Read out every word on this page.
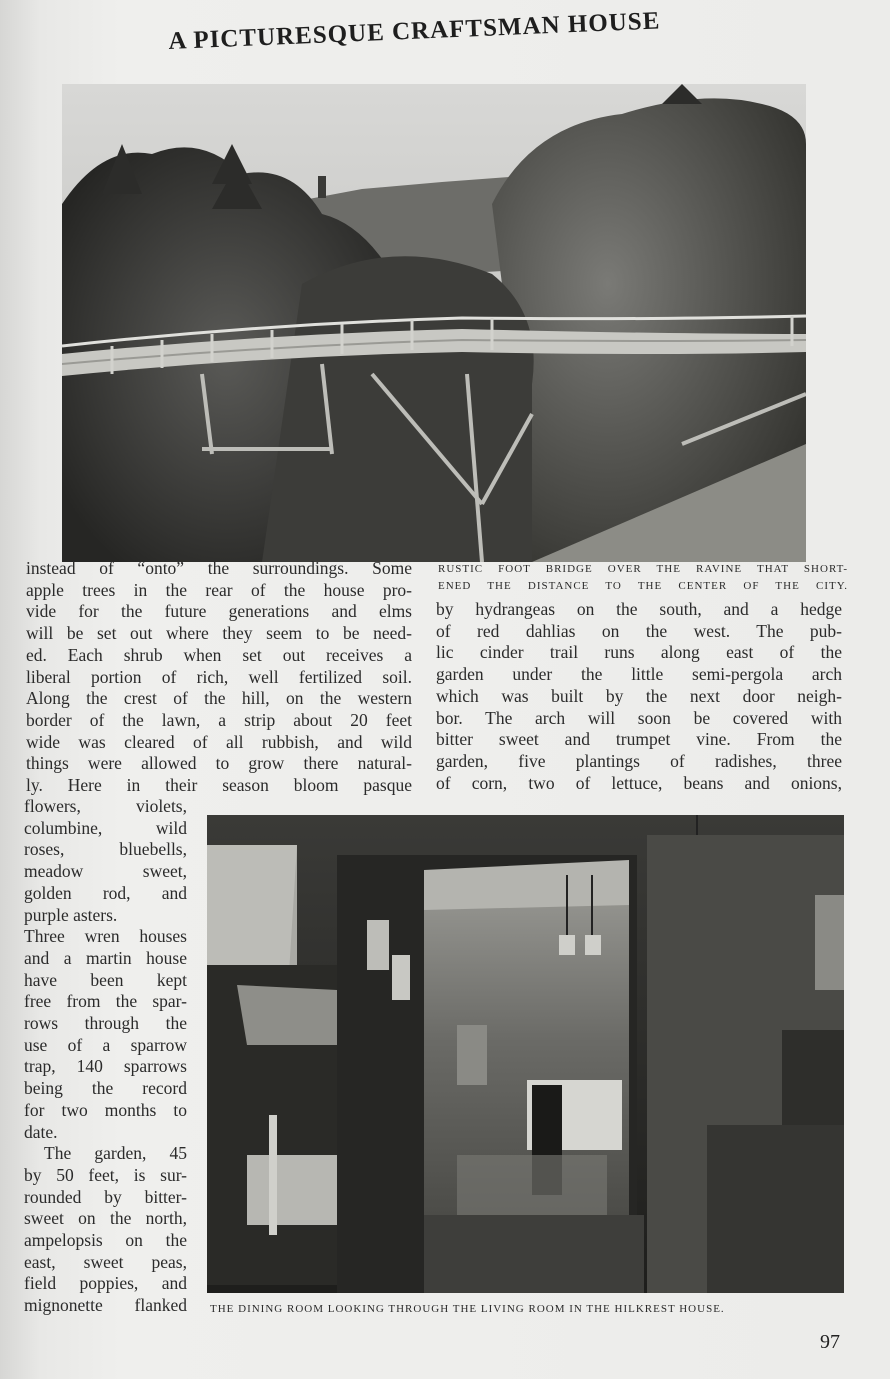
A PICTURESQUE CRAFTSMAN HOUSE
RUSTIC FOOT BRIDGE OVER THE RAVINE THAT SHORT-
ENED THE DISTANCE TO THE CENTER OF THE CITY.
instead of “onto” the surroundings. Some
apple trees in the rear of the house pro-
vide for the future generations and elms
will be set out where they seem to be need-
ed. Each shrub when set out receives a
liberal portion of rich, well fertilized soil.
Along the crest of the hill, on the western
border of the lawn, a strip about 20 feet
wide was cleared of all rubbish, and wild
things were allowed to grow there natural-
ly. Here in their season bloom pasque
flowers, violets,
columbine, wild
roses, bluebells,
meadow sweet,
golden rod, and
purple asters.
Three wren houses
and a martin house
have been kept
free from the spar-
rows through the
use of a sparrow
trap, 140 sparrows
being the record
for two months to
date.
The garden, 45
by 50 feet, is sur-
rounded by bitter-
sweet on the north,
ampelopsis on the
east, sweet peas,
field poppies, and
mignonette flanked
by hydrangeas on the south, and a hedge
of red dahlias on the west. The pub-
lic cinder trail runs along east of the
garden under the little semi-pergola arch
which was built by the next door neigh-
bor. The arch will soon be covered with
bitter sweet and trumpet vine. From the
garden, five plantings of radishes, three
of corn, two of lettuce, beans and onions,
THE DINING ROOM LOOKING THROUGH THE LIVING ROOM IN THE HILKREST HOUSE.
97
